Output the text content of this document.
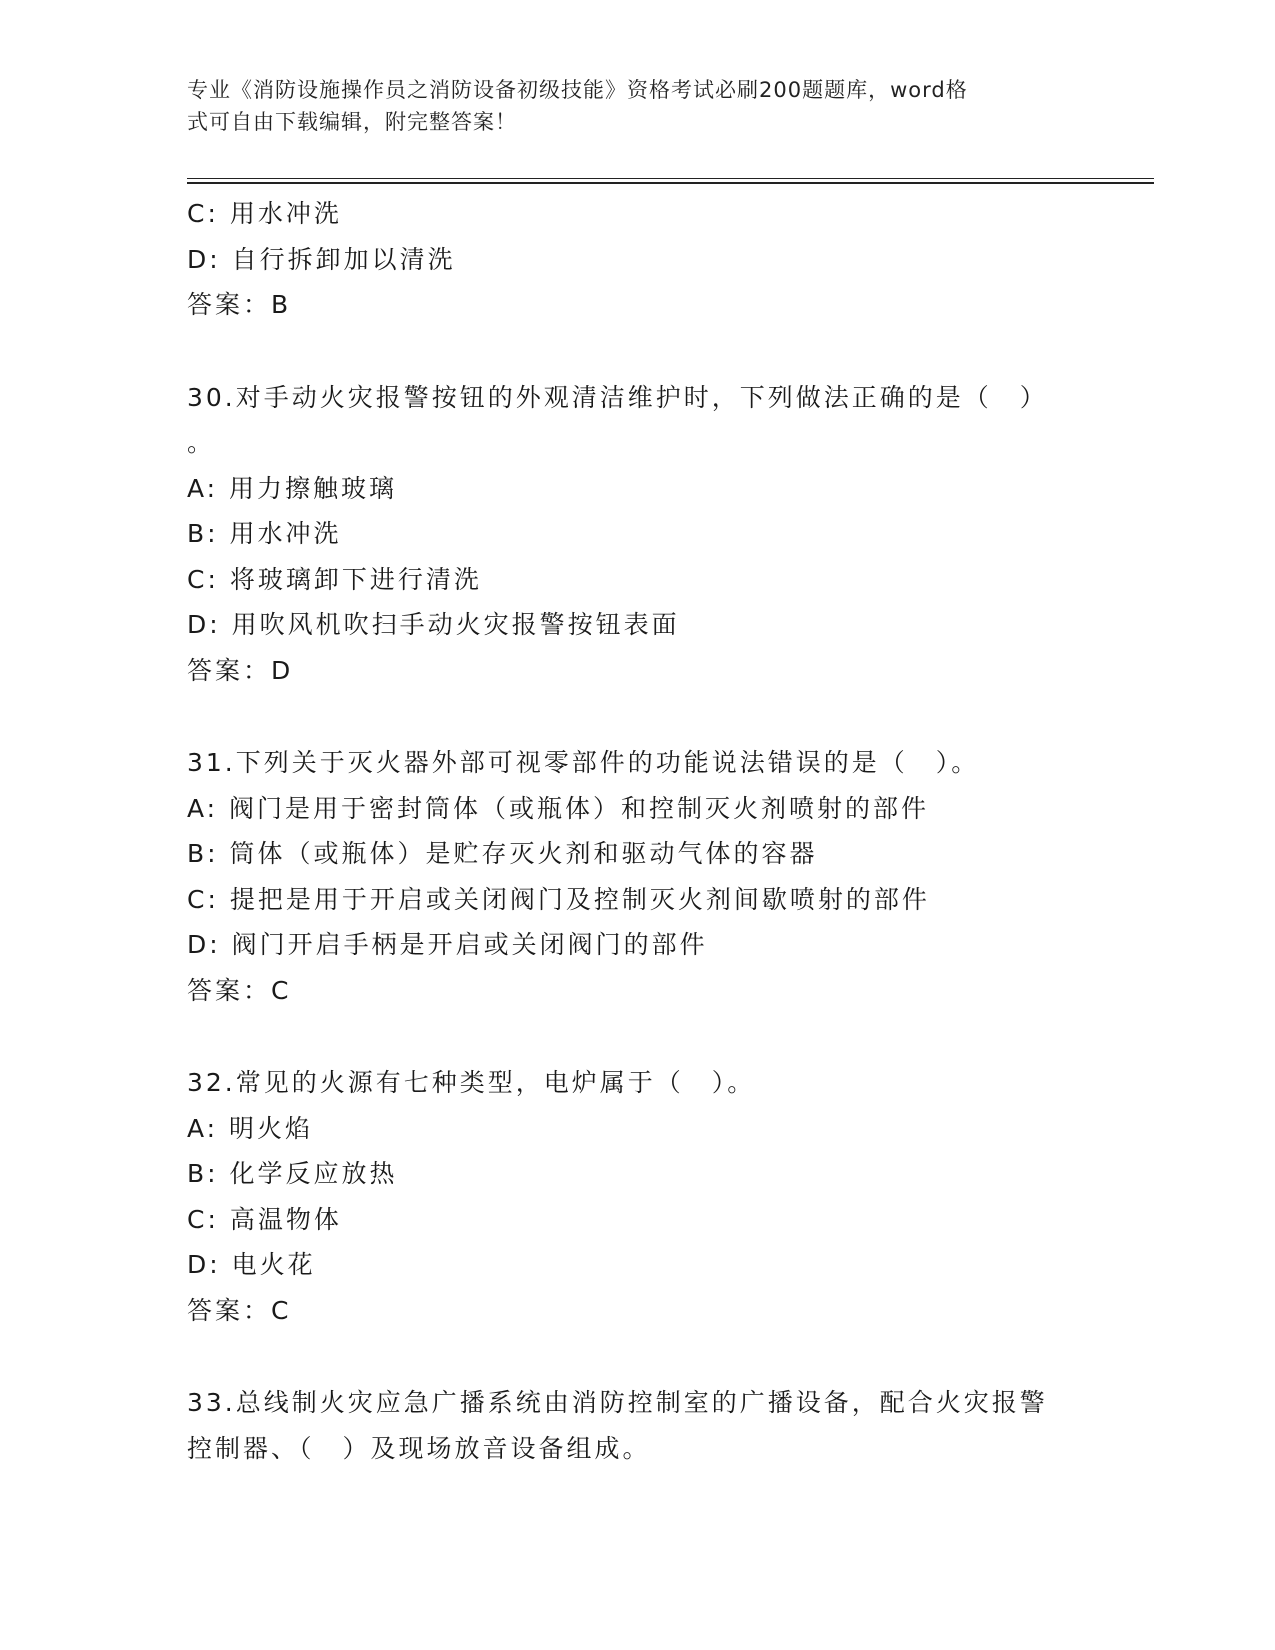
专业《消防设施操作员之消防设备初级技能》资格考试必刷200题题库，word格
式可自由下载编辑，附完整答案！
C: 用水冲洗
D: 自行拆卸加以清洗
答案：B
30.对手动火灾报警按钮的外观清洁维护时，下列做法正确的是（　）
。
A: 用力擦触玻璃
B: 用水冲洗
C: 将玻璃卸下进行清洗
D: 用吹风机吹扫手动火灾报警按钮表面
答案：D
31.下列关于灭火器外部可视零部件的功能说法错误的是（　）。
A: 阀门是用于密封筒体（或瓶体）和控制灭火剂喷射的部件
B: 筒体（或瓶体）是贮存灭火剂和驱动气体的容器
C: 提把是用于开启或关闭阀门及控制灭火剂间歇喷射的部件
D: 阀门开启手柄是开启或关闭阀门的部件
答案：C
32.常见的火源有七种类型，电炉属于（　）。
A: 明火焰
B: 化学反应放热
C: 高温物体
D: 电火花
答案：C
33.总线制火灾应急广播系统由消防控制室的广播设备，配合火灾报警
控制器、（　）及现场放音设备组成。
